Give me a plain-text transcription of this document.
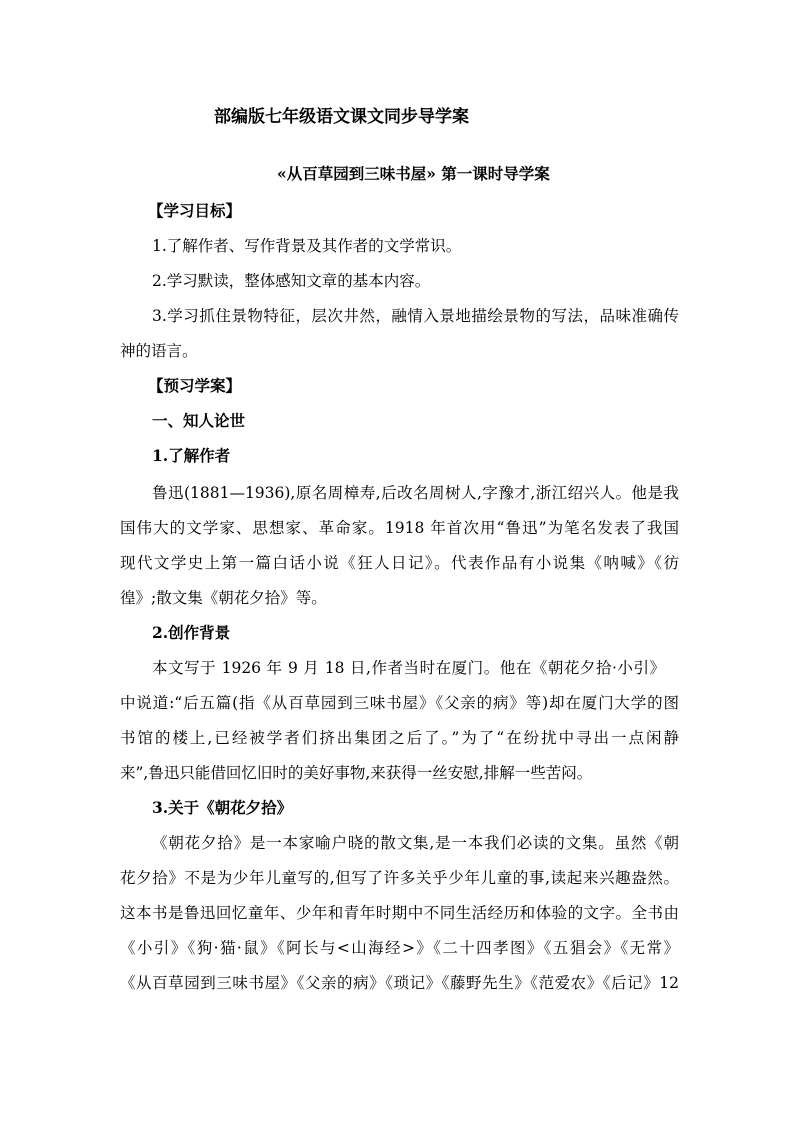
部编版七年级语文课文同步导学案
«从百草园到三味书屋» 第一课时导学案
【学习目标】
1.了解作者、写作背景及其作者的文学常识。
2.学习默读，整体感知文章的基本内容。
3.学习抓住景物特征，层次井然，融情入景地描绘景物的写法，品味准确传
神的语言。
【预习学案】
一、知人论世
1.了解作者
鲁迅(1881—1936),原名周樟寿,后改名周树人,字豫才,浙江绍兴人。他是我
国伟大的文学家、思想家、革命家。1918 年首次用“鲁迅”为笔名发表了我国
现代文学史上第一篇白话小说《狂人日记》。代表作品有小说集《呐喊》《彷
徨》;散文集《朝花夕拾》等。
2.创作背景
本文写于 1926 年 9 月 18 日,作者当时在厦门。他在《朝花夕拾·小引》
中说道:“后五篇(指《从百草园到三味书屋》《父亲的病》等)却在厦门大学的图
书馆的楼上,已经被学者们挤出集团之后了。”为了“在纷扰中寻出一点闲静
来”,鲁迅只能借回忆旧时的美好事物,来获得一丝安慰,排解一些苦闷。
3.关于《朝花夕拾》
《朝花夕拾》是一本家喻户晓的散文集,是一本我们必读的文集。虽然《朝
花夕拾》不是为少年儿童写的,但写了许多关乎少年儿童的事,读起来兴趣盎然。
这本书是鲁迅回忆童年、少年和青年时期中不同生活经历和体验的文字。全书由
《小引》《狗·猫·鼠》《阿长与<山海经>》《二十四孝图》《五猖会》《无常》
《从百草园到三味书屋》《父亲的病》《琐记》《藤野先生》《范爱农》《后记》12
